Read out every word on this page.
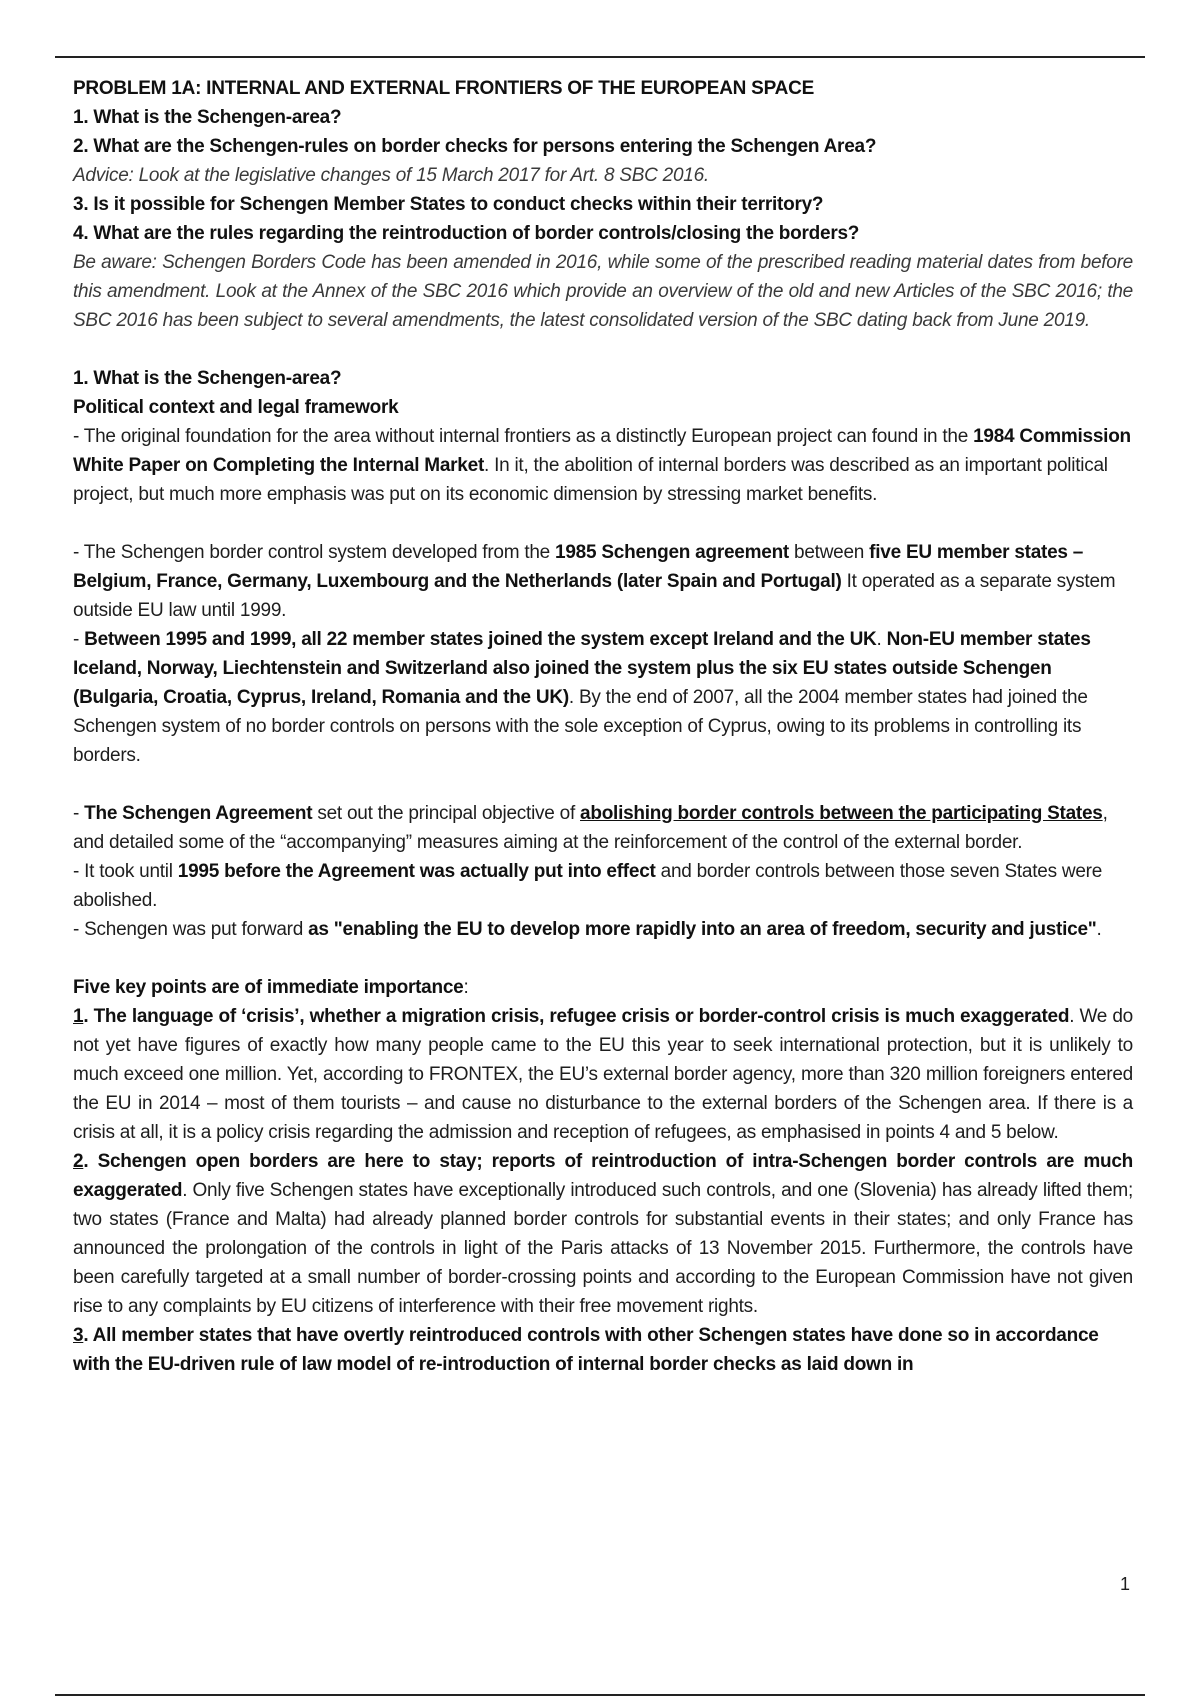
PROBLEM 1A: INTERNAL AND EXTERNAL FRONTIERS OF THE EUROPEAN SPACE

1. What is the Schengen-area?

2. What are the Schengen-rules on border checks for persons entering the Schengen Area?

Advice: Look at the legislative changes of 15 March 2017 for Art. 8 SBC 2016.

3. Is it possible for Schengen Member States to conduct checks within their territory?

4. What are the rules regarding the reintroduction of border controls/closing the borders?

Be aware: Schengen Borders Code has been amended in 2016, while some of the prescribed reading material dates from before this amendment. Look at the Annex of the SBC 2016 which provide an overview of the old and new Articles of the SBC 2016; the SBC 2016 has been subject to several amendments, the latest consolidated version of the SBC dating back from June 2019.

1. What is the Schengen-area?

Political context and legal framework

- The original foundation for the area without internal frontiers as a distinctly European project can found in the 1984 Commission White Paper on Completing the Internal Market. In it, the abolition of internal borders was described as an important political project, but much more emphasis was put on its economic dimension by stressing market benefits.

- The Schengen border control system developed from the 1985 Schengen agreement between five EU member states – Belgium, France, Germany, Luxembourg and the Netherlands (later Spain and Portugal) It operated as a separate system outside EU law until 1999.

- Between 1995 and 1999, all 22 member states joined the system except Ireland and the UK. Non-EU member states Iceland, Norway, Liechtenstein and Switzerland also joined the system plus the six EU states outside Schengen (Bulgaria, Croatia, Cyprus, Ireland, Romania and the UK). By the end of 2007, all the 2004 member states had joined the Schengen system of no border controls on persons with the sole exception of Cyprus, owing to its problems in controlling its borders.

- The Schengen Agreement set out the principal objective of abolishing border controls between the participating States, and detailed some of the “accompanying” measures aiming at the reinforcement of the control of the external border.

- It took until 1995 before the Agreement was actually put into effect and border controls between those seven States were abolished.

- Schengen was put forward as "enabling the EU to develop more rapidly into an area of freedom, security and justice".

Five key points are of immediate importance:

1. The language of ‘crisis’, whether a migration crisis, refugee crisis or border-control crisis is much exaggerated. We do not yet have figures of exactly how many people came to the EU this year to seek international protection, but it is unlikely to much exceed one million. Yet, according to FRONTEX, the EU’s external border agency, more than 320 million foreigners entered the EU in 2014 – most of them tourists – and cause no disturbance to the external borders of the Schengen area. If there is a crisis at all, it is a policy crisis regarding the admission and reception of refugees, as emphasised in points 4 and 5 below.

2. Schengen open borders are here to stay; reports of reintroduction of intra-Schengen border controls are much exaggerated. Only five Schengen states have exceptionally introduced such controls, and one (Slovenia) has already lifted them; two states (France and Malta) had already planned border controls for substantial events in their states; and only France has announced the prolongation of the controls in light of the Paris attacks of 13 November 2015. Furthermore, the controls have been carefully targeted at a small number of border-crossing points and according to the European Commission have not given rise to any complaints by EU citizens of interference with their free movement rights.

3. All member states that have overtly reintroduced controls with other Schengen states have done so in accordance with the EU-driven rule of law model of re-introduction of internal border checks as laid down in

1
